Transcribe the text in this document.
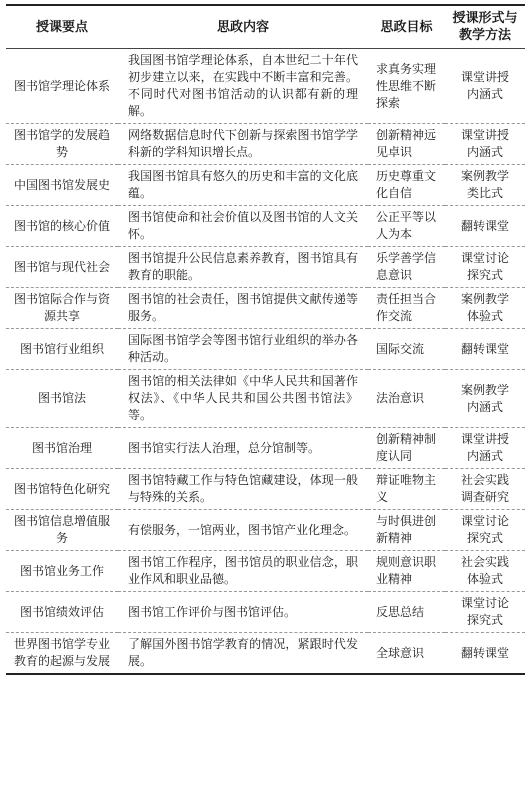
授课要点	思政内容	思政目标	授课形式与
教学方法
图书馆学理论体系	我国图书馆学理论体系，自本世纪二十年代初步建立以来，在实践中不断丰富和完善。不同时代对图书馆活动的认识都有新的理解。	求真务实理性思维不断探索	课堂讲授
内涵式
图书馆学的发展趋势	网络数据信息时代下创新与探索图书馆学学科新的学科知识增长点。	创新精神远见卓识	课堂讲授
内涵式
中国图书馆发展史	我国图书馆具有悠久的历史和丰富的文化底蕴。	历史尊重文化自信	案例教学
类比式
图书馆的核心价值	图书馆使命和社会价值以及图书馆的人文关怀。	公正平等以人为本	翻转课堂
图书馆与现代社会	图书馆提升公民信息素养教育，图书馆具有教育的职能。	乐学善学信息意识	课堂讨论
探究式
图书馆际合作与资源共享	图书馆的社会责任，图书馆提供文献传递等服务。	责任担当合作交流	案例教学
体验式
图书馆行业组织	国际图书馆学会等图书馆行业组织的举办各种活动。	国际交流	翻转课堂
图书馆法	图书馆的相关法律如《中华人民共和国著作权法》、《中华人民共和国公共图书馆法》等。	法治意识	案例教学
内涵式
图书馆治理	图书馆实行法人治理，总分馆制等。	创新精神制度认同	课堂讲授
内涵式
图书馆特色化研究	图书馆特藏工作与特色馆藏建设，体现一般与特殊的关系。	辩证唯物主义	社会实践
调查研究
图书馆信息增值服务	有偿服务，一馆两业，图书馆产业化理念。	与时俱进创新精神	课堂讨论
探究式
图书馆业务工作	图书馆工作程序，图书馆员的职业信念，职业作风和职业品德。	规则意识职业精神	社会实践
体验式
图书馆绩效评估	图书馆工作评价与图书馆评估。	反思总结	课堂讨论
探究式
世界图书馆学专业教育的起源与发展	了解国外图书馆学教育的情况，紧跟时代发展。	全球意识	翻转课堂
